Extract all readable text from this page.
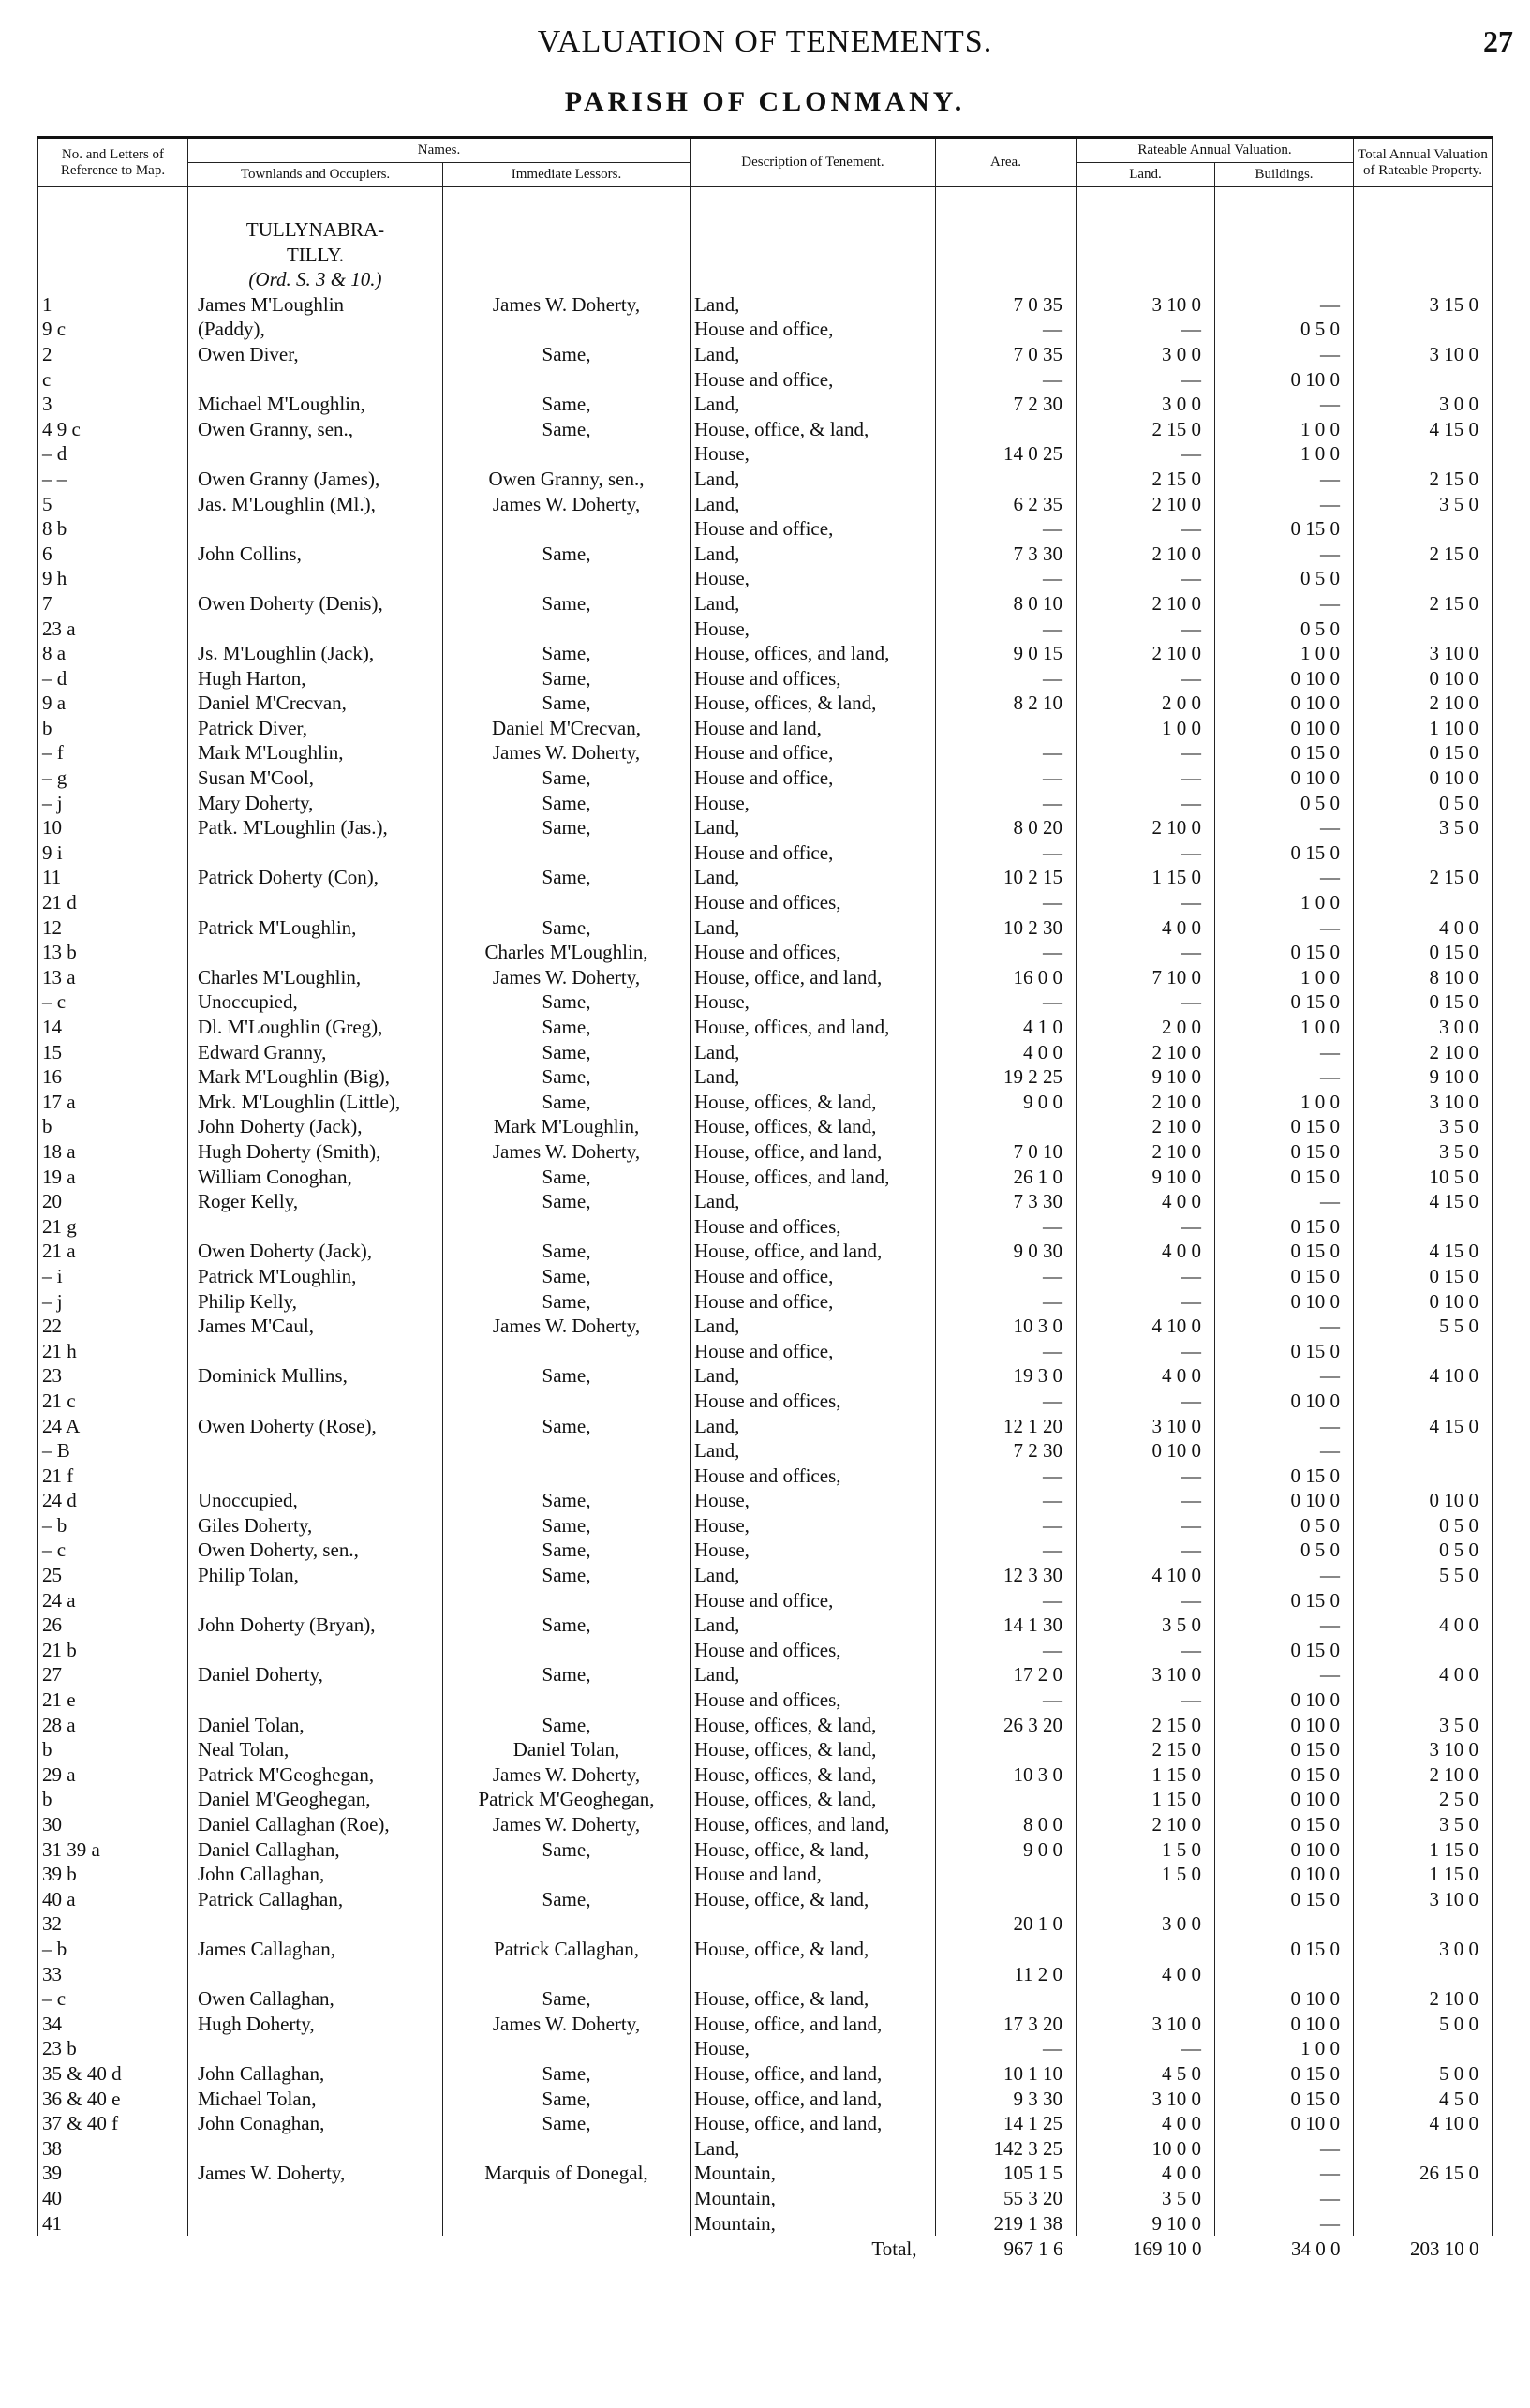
VALUATION OF TENEMENTS.	27
PARISH OF CLONMANY.
No. and Letters of Reference to Map.	Names.		Description of Tenement.	Area.	Rateable Annual Valuation.		Total Annual Valuation of Rateable Property.
	Townlands and Occupiers.	Immediate Lessors.			Land.	Buildings.	

	TULLYNABRA-						
	TILLY.						
	(Ord. S. 3 & 10.)						
1	James M'Loughlin	James W. Doherty,	Land,	7 0 35	3 10 0	—	3 15 0
9 c	(Paddy),		House and office,	—	—	0 5 0	
2	Owen Diver,	Same,	Land,	7 0 35	3 0 0	—	3 10 0
c			House and office,	—	—	0 10 0	
3	Michael M'Loughlin,	Same,	Land,	7 2 30	3 0 0	—	3 0 0
4 9 c	Owen Granny, sen.,	Same,	House, office, & land,		2 15 0	1 0 0	4 15 0
– d			House,	14 0 25	—	1 0 0	
– –	Owen Granny (James),	Owen Granny, sen.,	Land,		2 15 0	—	2 15 0
5	Jas. M'Loughlin (Ml.),	James W. Doherty,	Land,	6 2 35	2 10 0	—	3 5 0
8 b			House and office,	—	—	0 15 0	
6	John Collins,	Same,	Land,	7 3 30	2 10 0	—	2 15 0
9 h			House,	—	—	0 5 0	
7	Owen Doherty (Denis),	Same,	Land,	8 0 10	2 10 0	—	2 15 0
23 a			House,	—	—	0 5 0	
8 a	Js. M'Loughlin (Jack),	Same,	House, offices, and land,	9 0 15	2 10 0	1 0 0	3 10 0
– d	Hugh Harton,	Same,	House and offices,	—	—	0 10 0	0 10 0
9 a	Daniel M'Crecvan,	Same,	House, offices, & land,	8 2 10	2 0 0	0 10 0	2 10 0
b	Patrick Diver,	Daniel M'Crecvan,	House and land,		1 0 0	0 10 0	1 10 0
– f	Mark M'Loughlin,	James W. Doherty,	House and office,	—	—	0 15 0	0 15 0
– g	Susan M'Cool,	Same,	House and office,	—	—	0 10 0	0 10 0
– j	Mary Doherty,	Same,	House,	—	—	0 5 0	0 5 0
10	Patk. M'Loughlin (Jas.),	Same,	Land,	8 0 20	2 10 0	—	3 5 0
9 i			House and office,	—	—	0 15 0	
11	Patrick Doherty (Con),	Same,	Land,	10 2 15	1 15 0	—	2 15 0
21 d			House and offices,	—	—	1 0 0	
12	Patrick M'Loughlin,	Same,	Land,	10 2 30	4 0 0	—	4 0 0
13 b		Charles M'Loughlin,	House and offices,	—	—	0 15 0	0 15 0
13 a	Charles M'Loughlin,	James W. Doherty,	House, office, and land,	16 0 0	7 10 0	1 0 0	8 10 0
– c	Unoccupied,	Same,	House,	—	—	0 15 0	0 15 0
14	Dl. M'Loughlin (Greg),	Same,	House, offices, and land,	4 1 0	2 0 0	1 0 0	3 0 0
15	Edward Granny,	Same,	Land,	4 0 0	2 10 0	—	2 10 0
16	Mark M'Loughlin (Big),	Same,	Land,	19 2 25	9 10 0	—	9 10 0
17 a	Mrk. M'Loughlin (Little),	Same,	House, offices, & land,	9 0 0	2 10 0	1 0 0	3 10 0
b	John Doherty (Jack),	Mark M'Loughlin,	House, offices, & land,		2 10 0	0 15 0	3 5 0
18 a	Hugh Doherty (Smith),	James W. Doherty,	House, office, and land,	7 0 10	2 10 0	0 15 0	3 5 0
19 a	William Conoghan,	Same,	House, offices, and land,	26 1 0	9 10 0	0 15 0	10 5 0
20	Roger Kelly,	Same,	Land,	7 3 30	4 0 0	—	4 15 0
21 g			House and offices,	—	—	0 15 0	
21 a	Owen Doherty (Jack),	Same,	House, office, and land,	9 0 30	4 0 0	0 15 0	4 15 0
– i	Patrick M'Loughlin,	Same,	House and office,	—	—	0 15 0	0 15 0
– j	Philip Kelly,	Same,	House and office,	—	—	0 10 0	0 10 0
22	James M'Caul,	James W. Doherty,	Land,	10 3 0	4 10 0	—	5 5 0
21 h			House and office,	—	—	0 15 0	
23	Dominick Mullins,	Same,	Land,	19 3 0	4 0 0	—	4 10 0
21 c			House and offices,	—	—	0 10 0	
24 A	Owen Doherty (Rose),	Same,	Land,	12 1 20	3 10 0	—	4 15 0
– B			Land,	7 2 30	0 10 0	—	
21 f			House and offices,	—	—	0 15 0	
24 d	Unoccupied,	Same,	House,	—	—	0 10 0	0 10 0
– b	Giles Doherty,	Same,	House,	—	—	0 5 0	0 5 0
– c	Owen Doherty, sen.,	Same,	House,	—	—	0 5 0	0 5 0
25	Philip Tolan,	Same,	Land,	12 3 30	4 10 0	—	5 5 0
24 a			House and office,	—	—	0 15 0	
26	John Doherty (Bryan),	Same,	Land,	14 1 30	3 5 0	—	4 0 0
21 b			House and offices,	—	—	0 15 0	
27	Daniel Doherty,	Same,	Land,	17 2 0	3 10 0	—	4 0 0
21 e			House and offices,	—	—	0 10 0	
28 a	Daniel Tolan,	Same,	House, offices, & land,	26 3 20	2 15 0	0 10 0	3 5 0
b	Neal Tolan,	Daniel Tolan,	House, offices, & land,		2 15 0	0 15 0	3 10 0
29 a	Patrick M'Geoghegan,	James W. Doherty,	House, offices, & land,	10 3 0	1 15 0	0 15 0	2 10 0
b	Daniel M'Geoghegan,	Patrick M'Geoghegan,	House, offices, & land,		1 15 0	0 10 0	2 5 0
30	Daniel Callaghan (Roe),	James W. Doherty,	House, offices, and land,	8 0 0	2 10 0	0 15 0	3 5 0
31 39 a	Daniel Callaghan,	Same,	House, office, & land,	9 0 0	1 5 0	0 10 0	1 15 0
39 b	John Callaghan,		House and land,		1 5 0	0 10 0	1 15 0
40 a	Patrick Callaghan,	Same,	House, office, & land,			0 15 0	3 10 0
32				20 1 0	3 0 0		
– b	James Callaghan,	Patrick Callaghan,	House, office, & land,			0 15 0	3 0 0
33				11 2 0	4 0 0		
– c	Owen Callaghan,	Same,	House, office, & land,			0 10 0	2 10 0
34	Hugh Doherty,	James W. Doherty,	House, office, and land,	17 3 20	3 10 0	0 10 0	5 0 0
23 b			House,	—	—	1 0 0	
35 & 40 d	John Callaghan,	Same,	House, office, and land,	10 1 10	4 5 0	0 15 0	5 0 0
36 & 40 e	Michael Tolan,	Same,	House, office, and land,	9 3 30	3 10 0	0 15 0	4 5 0
37 & 40 f	John Conaghan,	Same,	House, office, and land,	14 1 25	4 0 0	0 10 0	4 10 0
38			Land,	142 3 25	10 0 0	—	
39	James W. Doherty,	Marquis of Donegal,	Mountain,	105 1 5	4 0 0	—	26 15 0
40			Mountain,	55 3 20	3 5 0	—	
41			Mountain,	219 1 38	9 10 0	—	
			Total,	967 1 6	169 10 0	34 0 0	203 10 0
